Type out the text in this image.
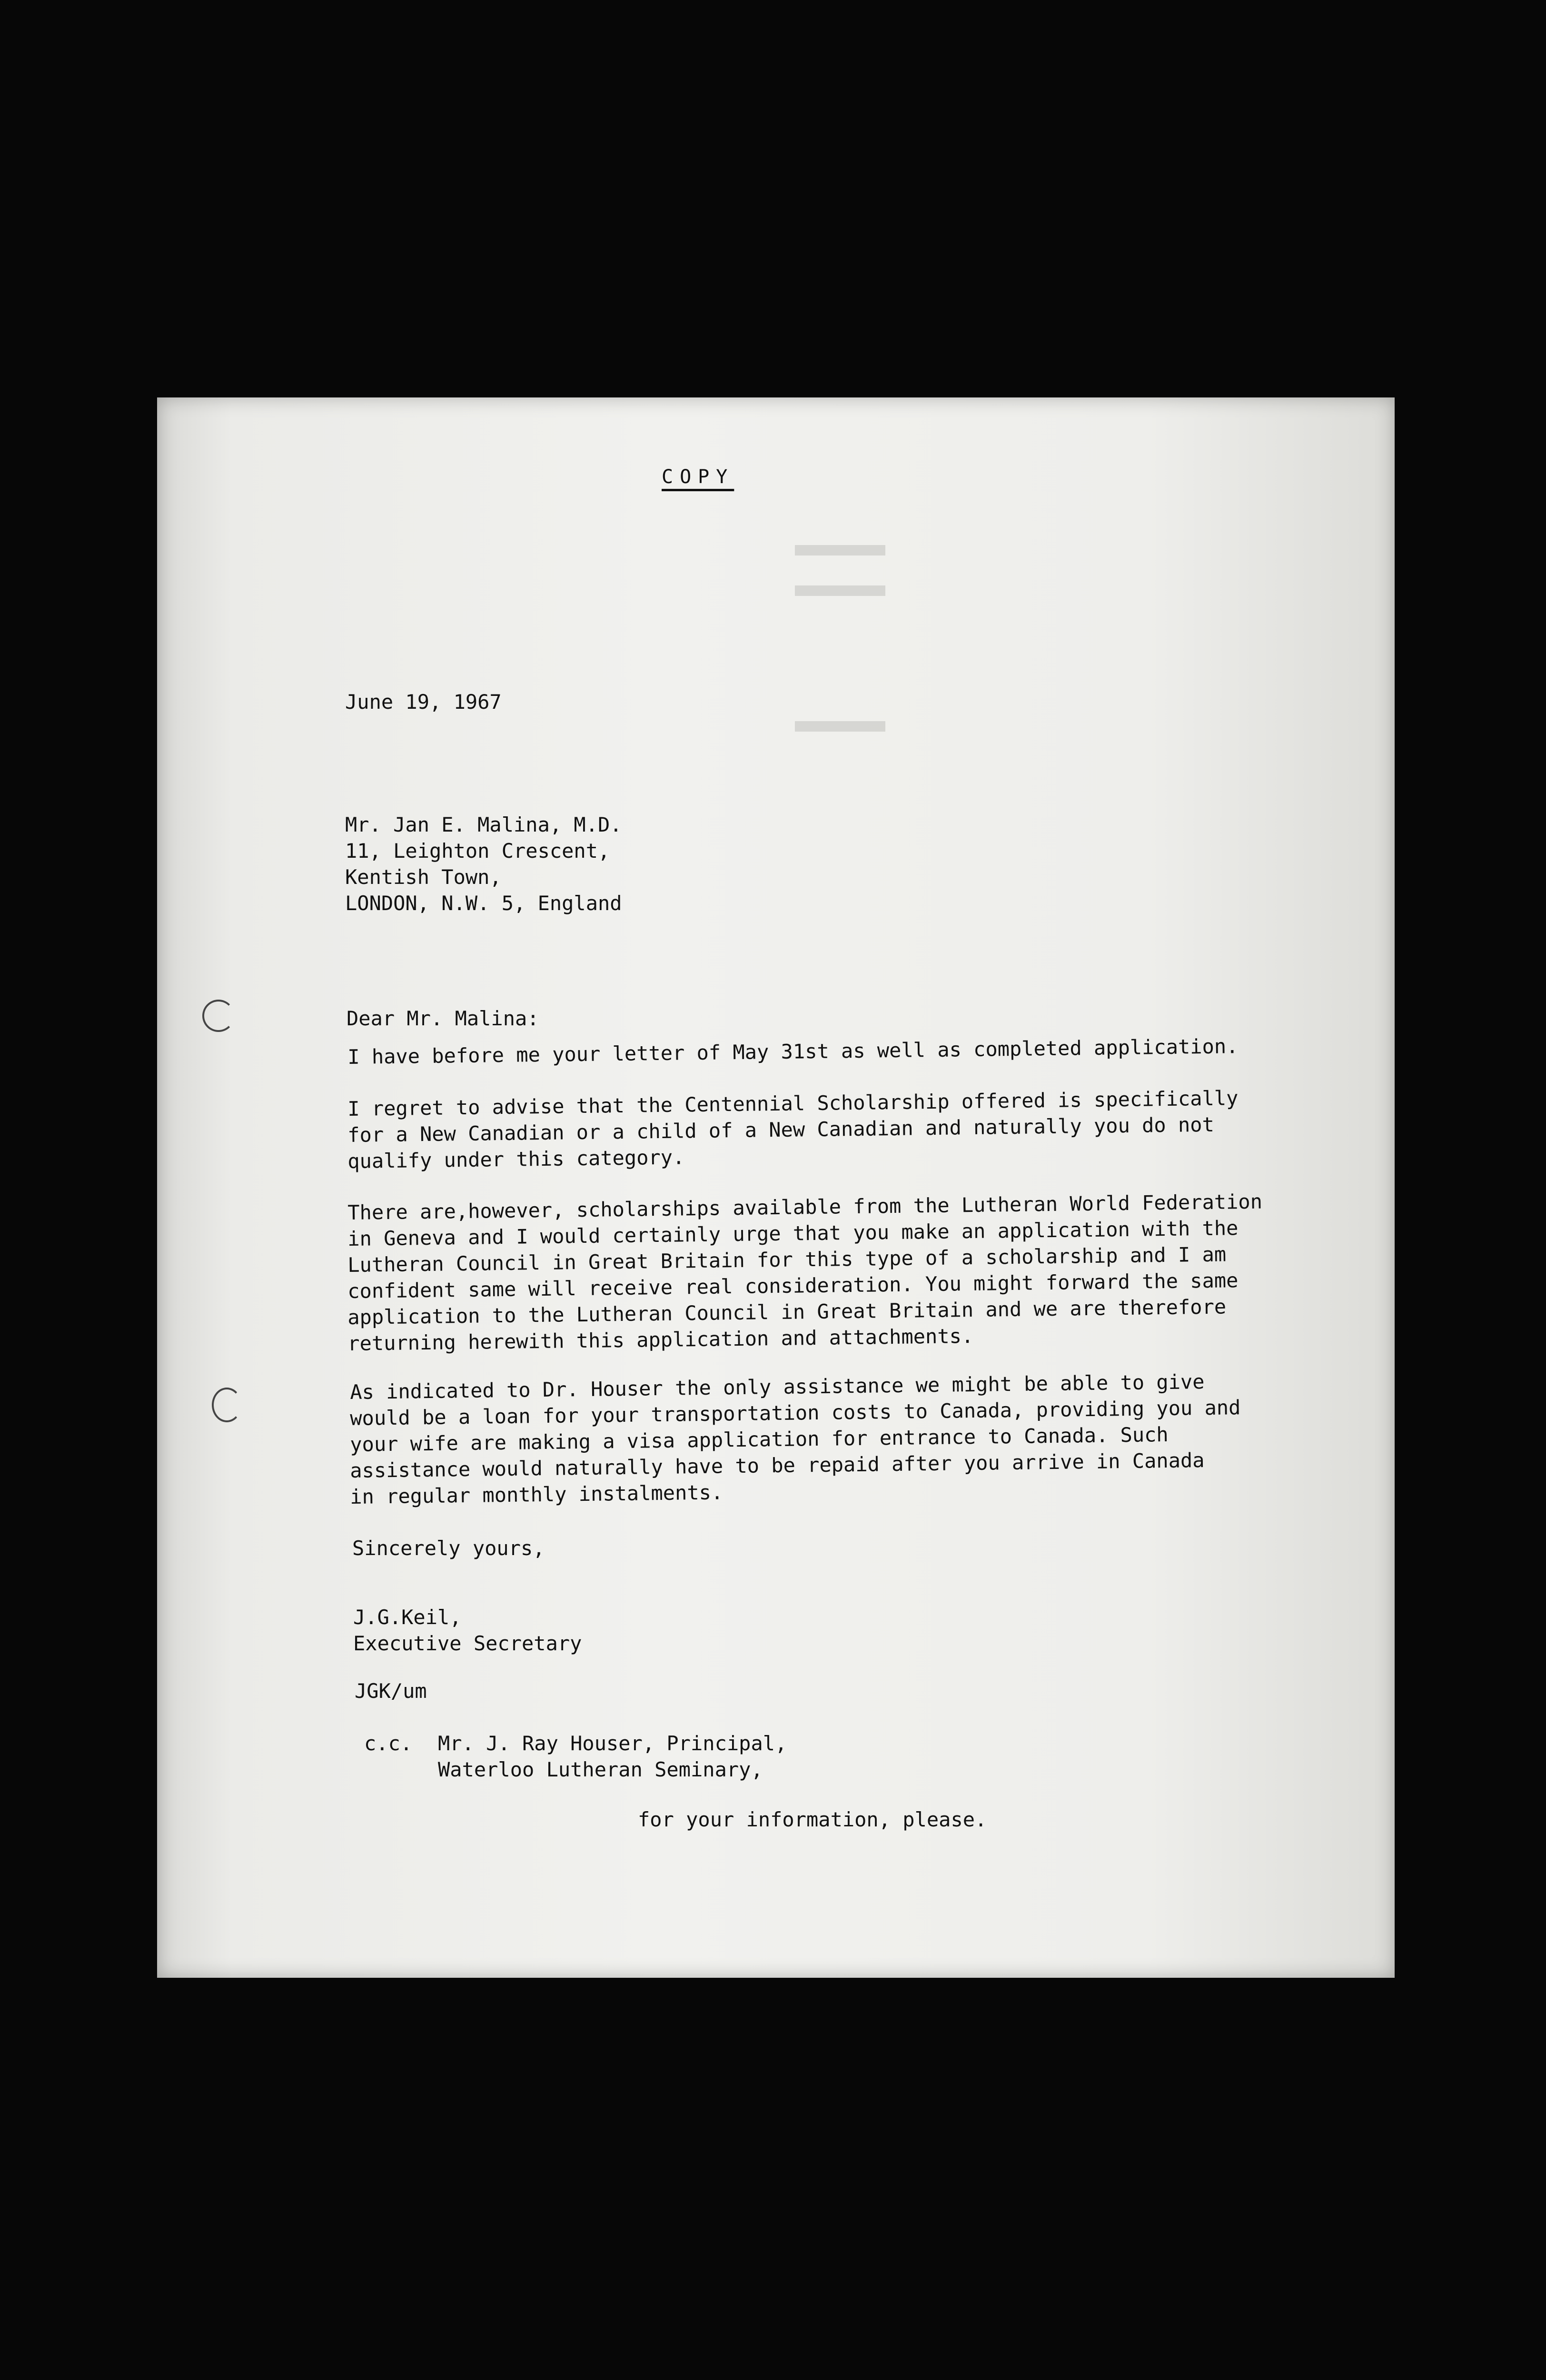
COPY
June 19, 1967
Mr. Jan E. Malina, M.D.
11, Leighton Crescent,
Kentish Town,
LONDON, N.W. 5, England
Dear Mr. Malina:
I have before me your letter of May 31st as well as completed application.
I regret to advise that the Centennial Scholarship offered is specifically
for a New Canadian or a child of a New Canadian and naturally you do not
qualify under this category.
There are,however, scholarships available from the Lutheran World Federation
in Geneva and I would certainly urge that you make an application with the
Lutheran Council in Great Britain for this type of a scholarship and I am
confident same will receive real consideration. You might forward the same
application to the Lutheran Council in Great Britain and we are therefore
returning herewith this application and attachments.
As indicated to Dr. Houser the only assistance we might be able to give
would be a loan for your transportation costs to Canada, providing you and
your wife are making a visa application for entrance to Canada. Such
assistance would naturally have to be repaid after you arrive in Canada
in regular monthly instalments.
Sincerely yours,
J.G.Keil,
Executive Secretary
JGK/um
c.c. Mr. J. Ray Houser, Principal,
Waterloo Lutheran Seminary,
for your information, please.
